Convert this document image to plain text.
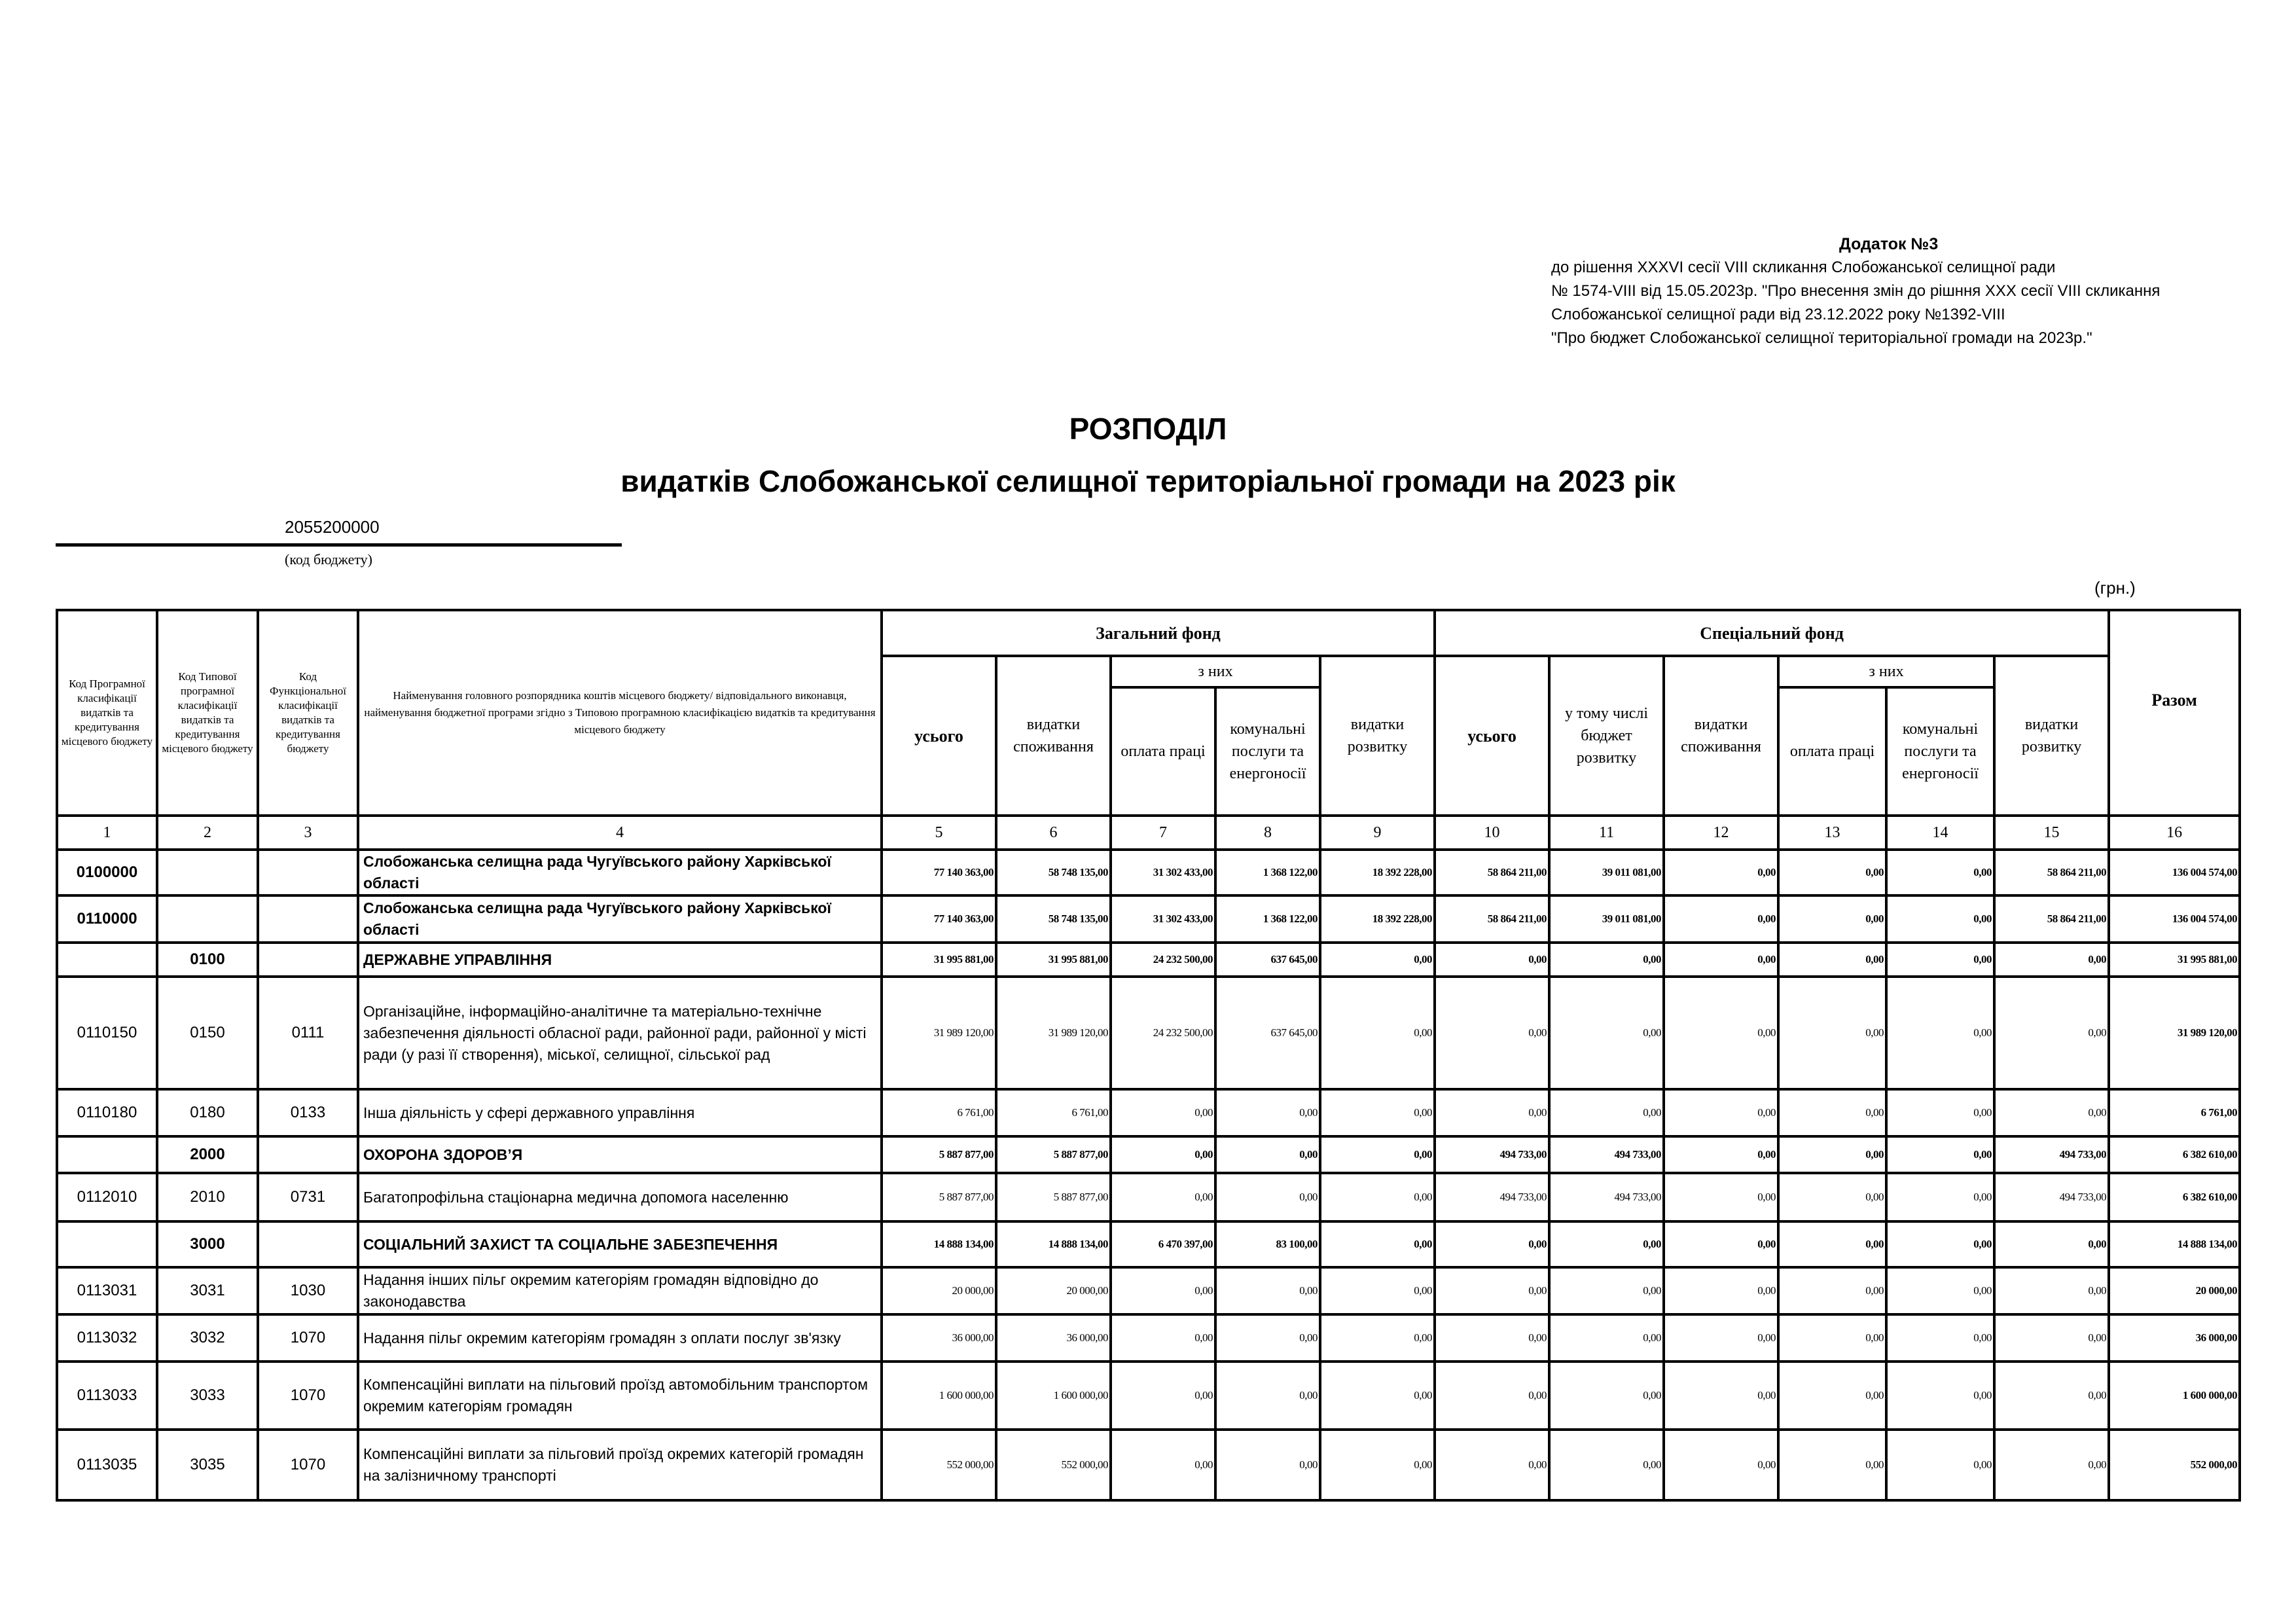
Додаток №3
до рішення XXXVI сесії VIII скликання Слобожанської селищної ради
№ 1574-VIII від 15.05.2023р. "Про внесення змін до рішння XXX сесії VIII скликання
Слобожанської селищної ради від 23.12.2022 року №1392-VIII
"Про бюджет Слобожанської селищної територіальної громади на 2023р."
РОЗПОДІЛ
видатків Слобожанської селищної територіальної громади на 2023 рік
2055200000
(код бюджету)
(грн.)
Код Програмної класифікації видатків та кредитування місцевого бюджету	Код Типової програмної класифікації видатків та кредитування місцевого бюджету	Код Функціональної класифікації видатків та кредитування бюджету	Найменування головного розпорядника коштів місцевого бюджету/ відповідального виконавця, найменування бюджетної програми згідно з Типовою програмною класифікацією видатків та кредитування місцевого бюджету	Загальний фонд					Спеціальний фонд						Разом
				усього	видатки споживання	з них		видатки розвитку	усього	у тому числі бюджет розвитку	видатки споживання	з них		видатки розвитку	
						оплата праці	комунальні послуги та енергоносії					оплата праці	комунальні послуги та енергоносії		

1	2	3	4	5	6	7	8	9	10	11	12	13	14	15	16
0100000			Слобожанська селищна рада Чугуївського району Харківської області	77 140 363,00	58 748 135,00	31 302 433,00	1 368 122,00	18 392 228,00	58 864 211,00	39 011 081,00	0,00	0,00	0,00	58 864 211,00	136 004 574,00
0110000			Слобожанська селищна рада Чугуївського району Харківської області	77 140 363,00	58 748 135,00	31 302 433,00	1 368 122,00	18 392 228,00	58 864 211,00	39 011 081,00	0,00	0,00	0,00	58 864 211,00	136 004 574,00
	0100		ДЕРЖАВНЕ УПРАВЛІННЯ	31 995 881,00	31 995 881,00	24 232 500,00	637 645,00	0,00	0,00	0,00	0,00	0,00	0,00	0,00	31 995 881,00
0110150	0150	0111	Організаційне, інформаційно-аналітичне та матеріально-технічне забезпечення діяльності обласної ради, районної ради, районної у місті ради (у разі її створення), міської, селищної, сільської рад	31 989 120,00	31 989 120,00	24 232 500,00	637 645,00	0,00	0,00	0,00	0,00	0,00	0,00	0,00	31 989 120,00
0110180	0180	0133	Інша діяльність у сфері державного управління	6 761,00	6 761,00	0,00	0,00	0,00	0,00	0,00	0,00	0,00	0,00	0,00	6 761,00
	2000		ОХОРОНА ЗДОРОВ’Я	5 887 877,00	5 887 877,00	0,00	0,00	0,00	494 733,00	494 733,00	0,00	0,00	0,00	494 733,00	6 382 610,00
0112010	2010	0731	Багатопрофільна стаціонарна медична допомога населенню	5 887 877,00	5 887 877,00	0,00	0,00	0,00	494 733,00	494 733,00	0,00	0,00	0,00	494 733,00	6 382 610,00
	3000		СОЦІАЛЬНИЙ ЗАХИСТ ТА СОЦІАЛЬНЕ ЗАБЕЗПЕЧЕННЯ	14 888 134,00	14 888 134,00	6 470 397,00	83 100,00	0,00	0,00	0,00	0,00	0,00	0,00	0,00	14 888 134,00
0113031	3031	1030	Надання інших пільг окремим категоріям громадян відповідно до законодавства	20 000,00	20 000,00	0,00	0,00	0,00	0,00	0,00	0,00	0,00	0,00	0,00	20 000,00
0113032	3032	1070	Надання пільг окремим категоріям громадян з оплати послуг зв'язку	36 000,00	36 000,00	0,00	0,00	0,00	0,00	0,00	0,00	0,00	0,00	0,00	36 000,00
0113033	3033	1070	Компенсаційні виплати на пільговий проїзд автомобільним транспортом окремим категоріям громадян	1 600 000,00	1 600 000,00	0,00	0,00	0,00	0,00	0,00	0,00	0,00	0,00	0,00	1 600 000,00
0113035	3035	1070	Компенсаційні виплати за пільговий проїзд окремих категорій громадян на залізничному транспорті	552 000,00	552 000,00	0,00	0,00	0,00	0,00	0,00	0,00	0,00	0,00	0,00	552 000,00
